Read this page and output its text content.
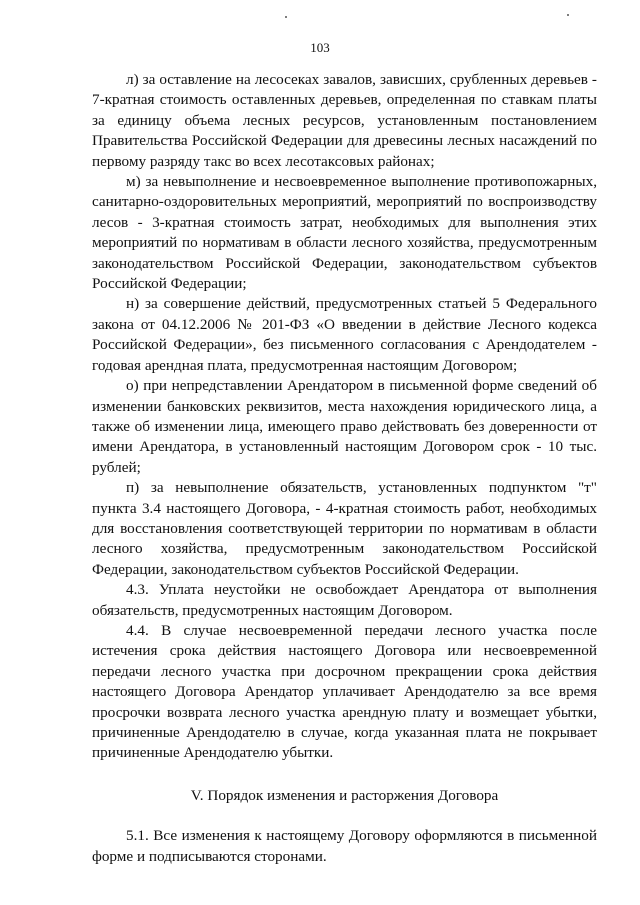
103

л) за оставление на лесосеках завалов, зависших, срубленных деревьев - 7-кратная стоимость оставленных деревьев, определенная по ставкам платы за единицу объема лесных ресурсов, установленным постановлением Правительства Российской Федерации для древесины лесных насаждений по первому разряду такс во всех лесотаксовых районах;

м) за невыполнение и несвоевременное выполнение противопожарных, санитарно-оздоровительных мероприятий, мероприятий по воспроизводству лесов - 3-кратная стоимость затрат, необходимых для выполнения этих мероприятий по нормативам в области лесного хозяйства, предусмотренным законодательством Российской Федерации, законодательством субъектов Российской Федерации;

н) за совершение действий, предусмотренных статьей 5 Федерального закона от 04.12.2006 № 201-ФЗ «О введении в действие Лесного кодекса Российской Федерации», без письменного согласования с Арендодателем - годовая арендная плата, предусмотренная настоящим Договором;

о) при непредставлении Арендатором в письменной форме сведений об изменении банковских реквизитов, места нахождения юридического лица, а также об изменении лица, имеющего право действовать без доверенности от имени Арендатора, в установленный настоящим Договором срок - 10 тыс. рублей;

п) за невыполнение обязательств, установленных подпунктом "т" пункта 3.4 настоящего Договора, - 4-кратная стоимость работ, необходимых для восстановления соответствующей территории по нормативам в области лесного хозяйства, предусмотренным законодательством Российской Федерации, законодательством субъектов Российской Федерации.

4.3. Уплата неустойки не освобождает Арендатора от выполнения обязательств, предусмотренных настоящим Договором.

4.4. В случае несвоевременной передачи лесного участка после истечения срока действия настоящего Договора или несвоевременной передачи лесного участка при досрочном прекращении срока действия настоящего Договора Арендатор уплачивает Арендодателю за все время просрочки возврата лесного участка арендную плату и возмещает убытки, причиненные Арендодателю в случае, когда указанная плата не покрывает причиненные Арендодателю убытки.

V. Порядок изменения и расторжения Договора

5.1. Все изменения к настоящему Договору оформляются в письменной форме и подписываются сторонами.
